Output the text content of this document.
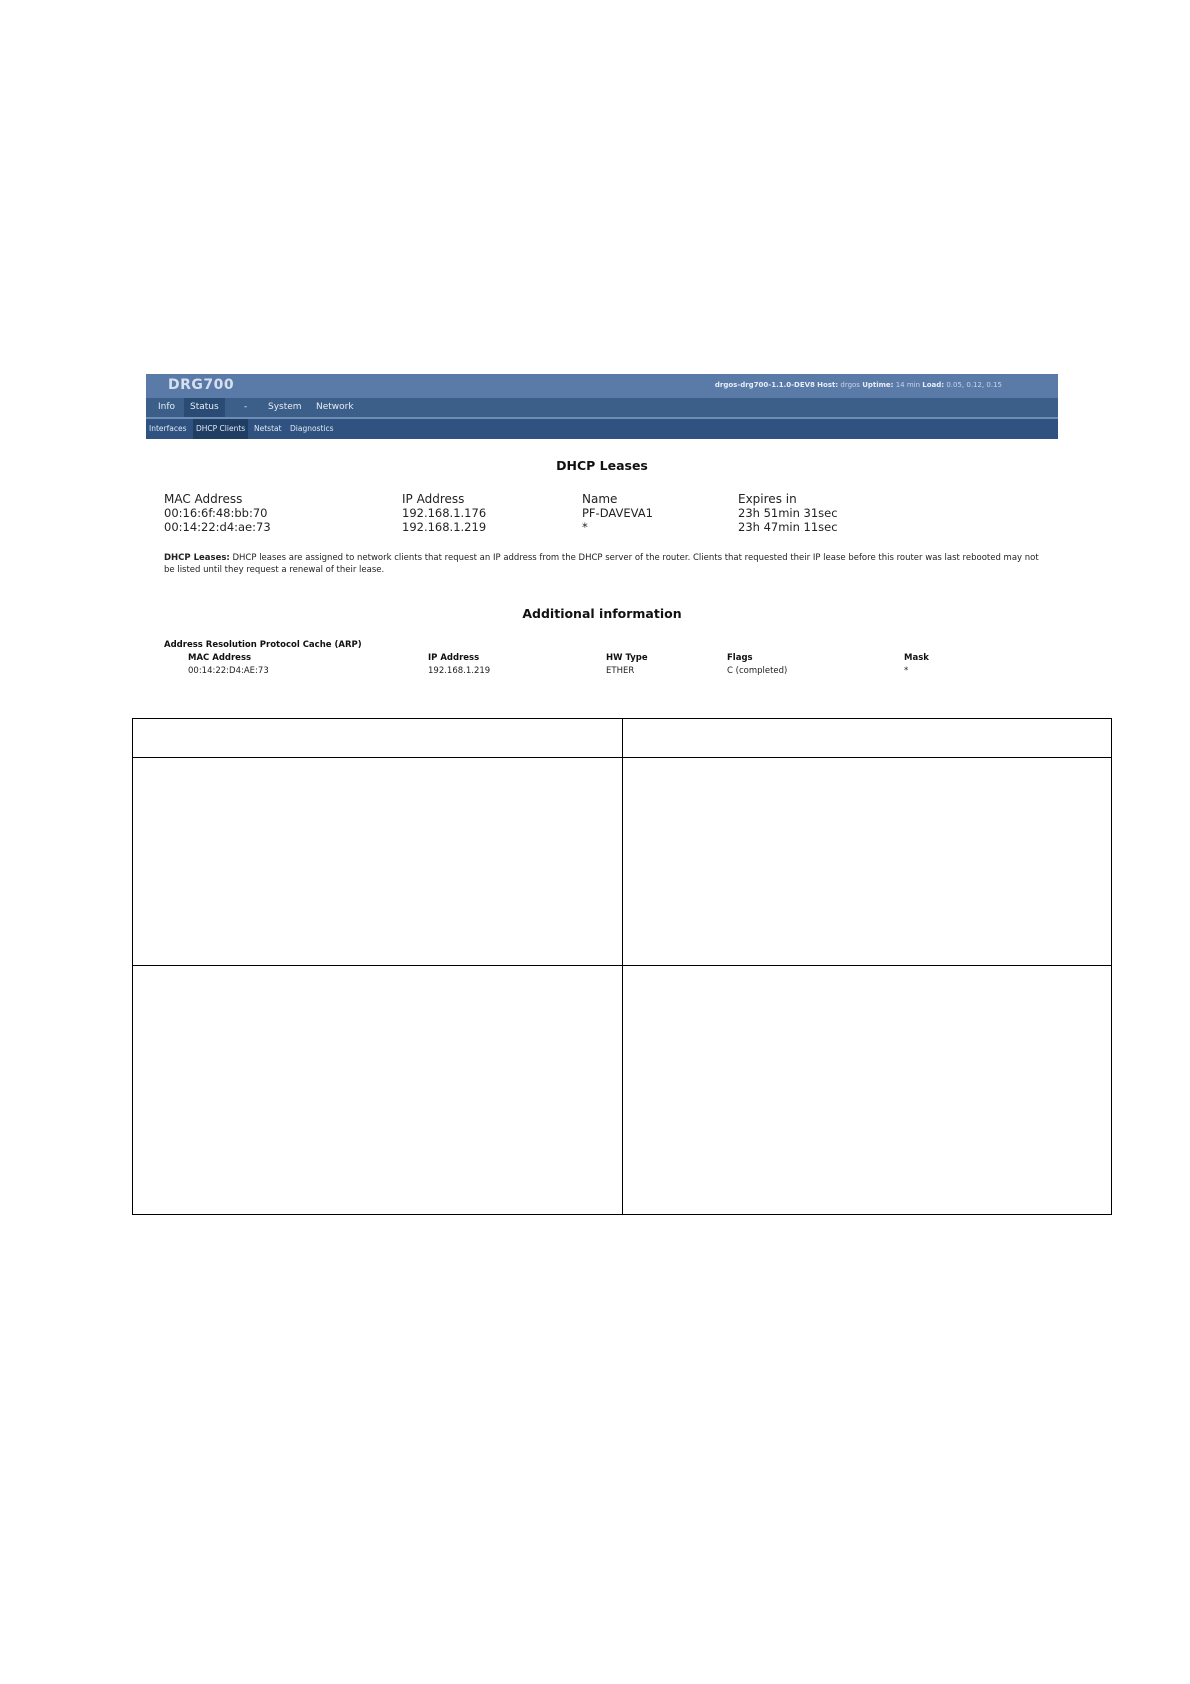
DRG700	drgos-drg700-1.1.0-DEV8 Host: drgos Uptime: 14 min Load: 0.05, 0.12, 0.15
Info	Status	-	System	Network
Interfaces	DHCP Clients	Netstat	Diagnostics
DHCP Leases
MAC Address	IP Address	Name	Expires in
00:16:6f:48:bb:70	192.168.1.176	PF-DAVEVA1	23h 51min 31sec
00:14:22:d4:ae:73	192.168.1.219	*	23h 47min 11sec
DHCP Leases: DHCP leases are assigned to network clients that request an IP address from the DHCP server of the router. Clients that requested their IP lease before this router was last rebooted may not be listed until they request a renewal of their lease.
Additional information
Address Resolution Protocol Cache (ARP)
MAC Address	IP Address	HW Type	Flags	Mask
00:14:22:D4:AE:73	192.168.1.219	ETHER	C (completed)	*
